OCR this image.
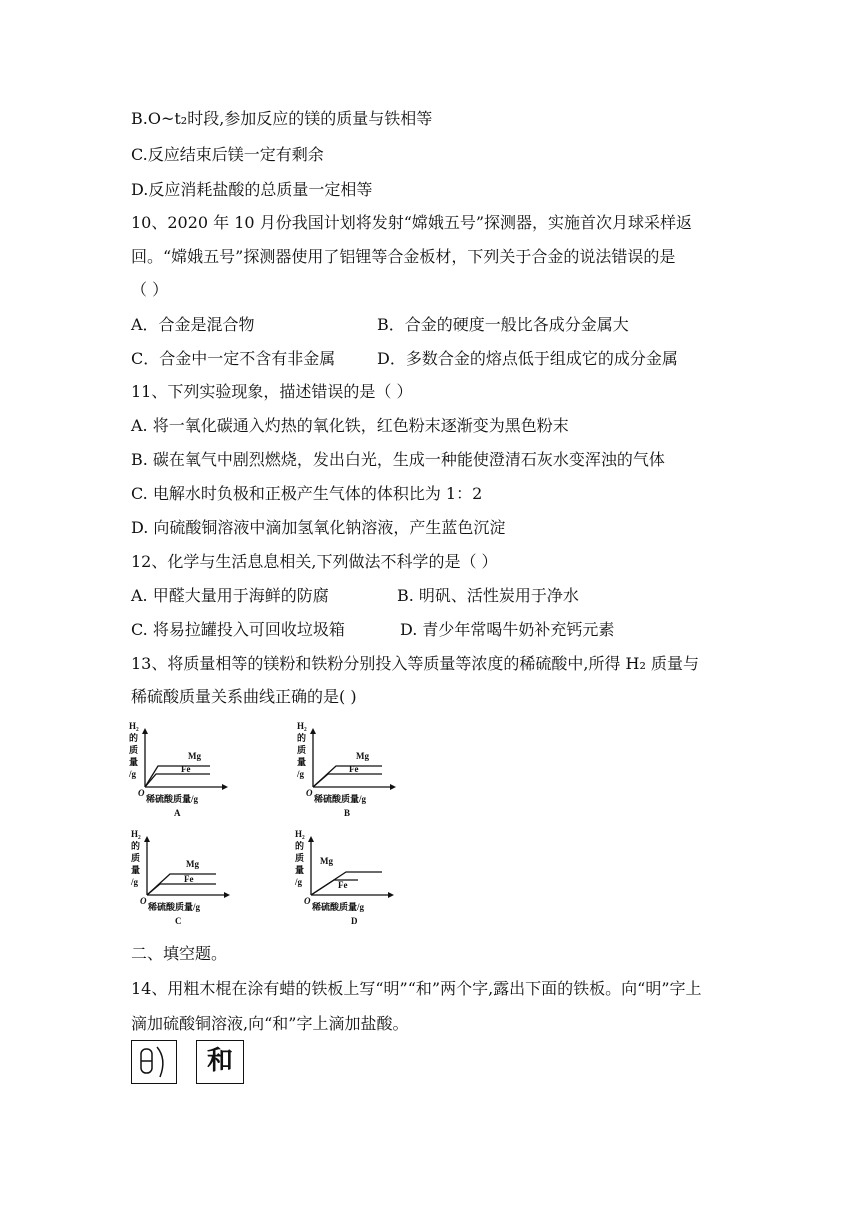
B.O~t₂时段,参加反应的镁的质量与铁相等
C.反应结束后镁一定有剩余
D.反应消耗盐酸的总质量一定相等
10、2020 年 10 月份我国计划将发射“嫦娥五号”探测器，实施首次月球采样返
回。“嫦娥五号”探测器使用了铝锂等合金板材，下列关于合金的说法错误的是
（ ）
A．合金是混合物	B．合金的硬度一般比各成分金属大
C．合金中一定不含有非金属	D．多数合金的熔点低于组成它的成分金属
11、下列实验现象，描述错误的是（ ）
A. 将一氧化碳通入灼热的氧化铁，红色粉末逐渐变为黑色粉末
B. 碳在氧气中剧烈燃烧，发出白光，生成一种能使澄清石灰水变浑浊的气体
C. 电解水时负极和正极产生气体的体积比为 1：2
D. 向硫酸铜溶液中滴加氢氧化钠溶液，产生蓝色沉淀
12、化学与生活息息相关,下列做法不科学的是（ ）
A. 甲醛大量用于海鲜的防腐	B. 明矾、活性炭用于净水
C. 将易拉罐投入可回收垃圾箱	D. 青少年常喝牛奶补充钙元素
13、将质量相等的镁粉和铁粉分别投入等质量等浓度的稀硫酸中,所得 H₂ 质量与
稀硫酸质量关系曲线正确的是( )
H₂
的
质
量
/g
Mg
Fe
O
稀硫酸质量/g
A
H₂
的
质
量
/g
Mg
Fe
O
稀硫酸质量/g
B
H₂
的
质
量
/g
Mg
Fe
O
稀硫酸质量/g
C
H₂
的
质
量
/g
Mg
Fe
O
稀硫酸质量/g
D
二、填空题。
14、用粗木棍在涂有蜡的铁板上写“明”“和”两个字,露出下面的铁板。向“明”字上
滴加硫酸铜溶液,向“和”字上滴加盐酸。
和
